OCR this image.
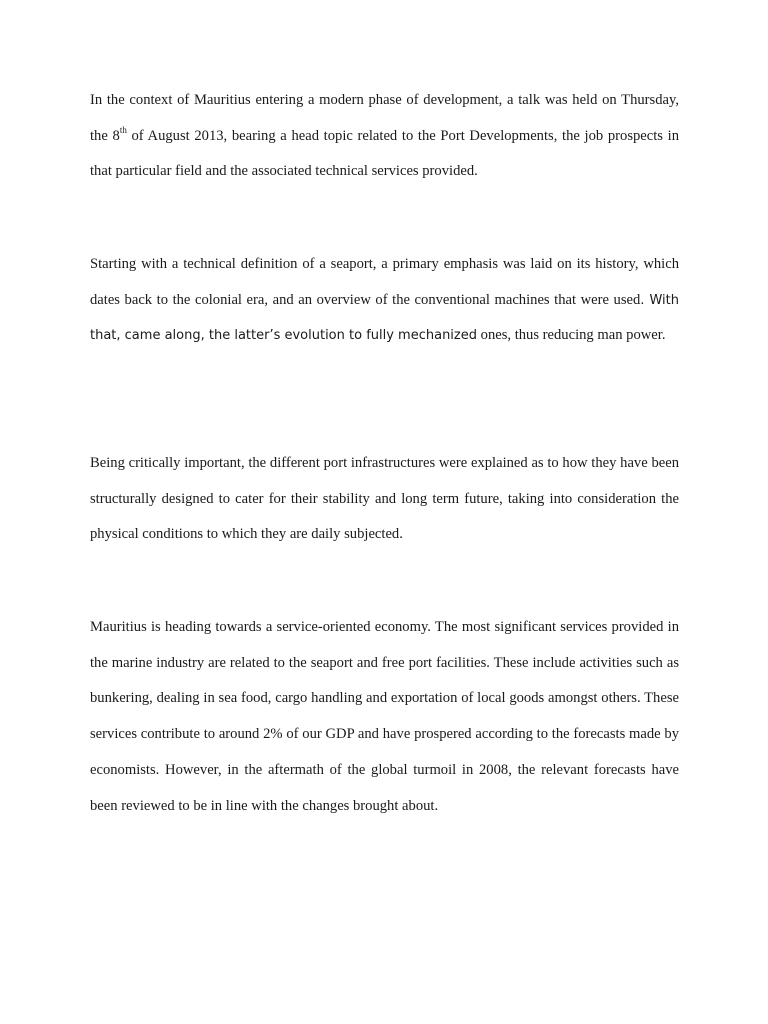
In the context of Mauritius entering a modern phase of development, a talk was held on Thursday, the 8th of August 2013, bearing a head topic related to the Port Developments, the job prospects in that particular field and the associated technical services provided.

Starting with a technical definition of a seaport, a primary emphasis was laid on its history, which dates back to the colonial era, and an overview of the conventional machines that were used. With that, came along, the latter’s evolution to fully mechanized ones, thus reducing man power.

Being critically important, the different port infrastructures were explained as to how they have been structurally designed to cater for their stability and long term future, taking into consideration the physical conditions to which they are daily subjected.

Mauritius is heading towards a service-oriented economy. The most significant services provided in the marine industry are related to the seaport and free port facilities. These include activities such as bunkering, dealing in sea food, cargo handling and exportation of local goods amongst others. These services contribute to around 2% of our GDP and have prospered according to the forecasts made by economists. However, in the aftermath of the global turmoil in 2008, the relevant forecasts have been reviewed to be in line with the changes brought about.
